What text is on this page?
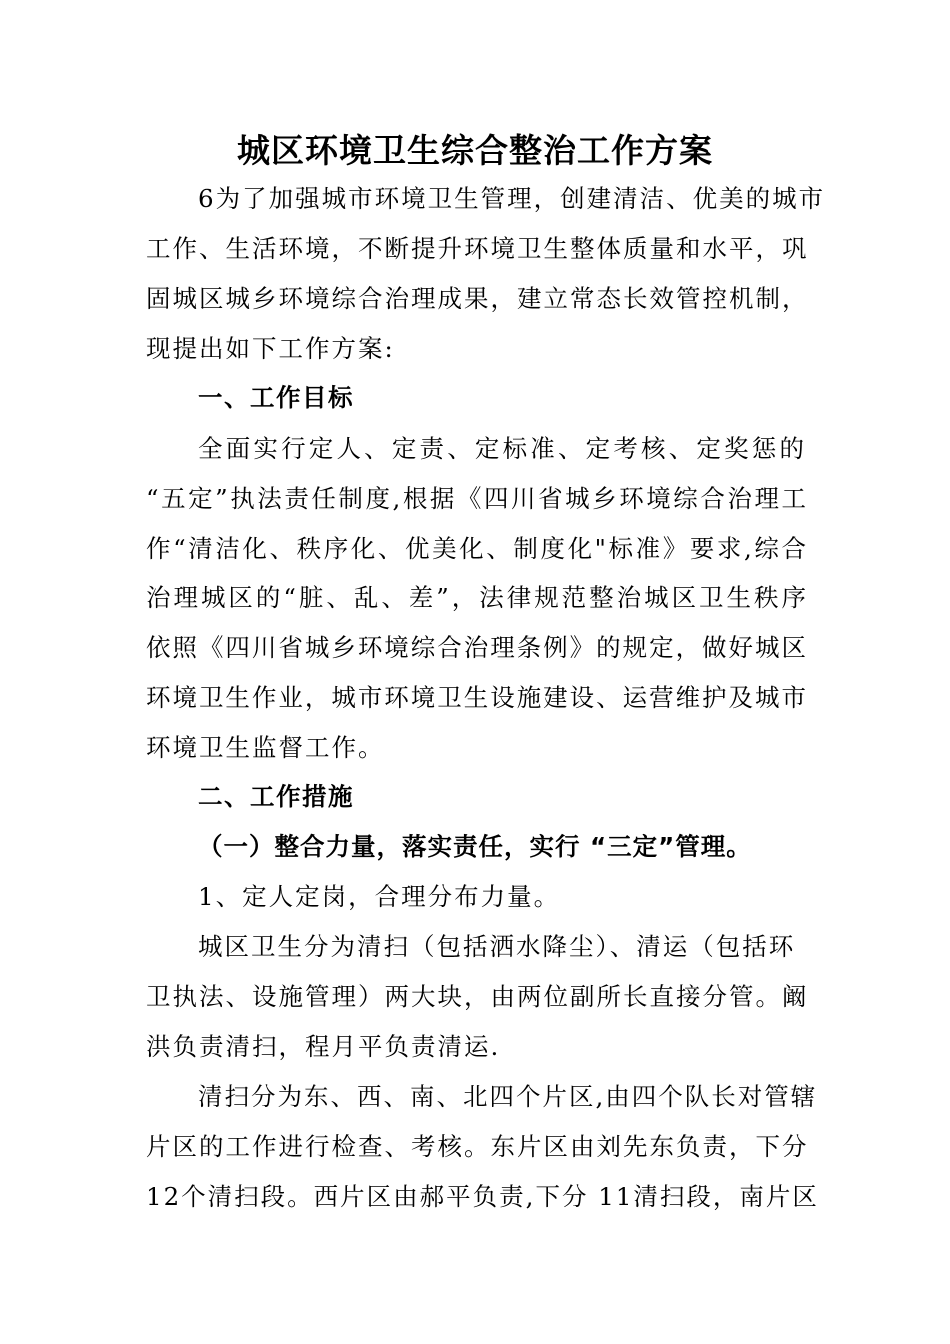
城区环境卫生综合整治工作方案
6为了加强城市环境卫生管理，创建清洁、优美的城市
工作、生活环境，不断提升环境卫生整体质量和水平，巩
固城区城乡环境综合治理成果，建立常态长效管控机制，
现提出如下工作方案:
一、工作目标
全面实行定人、定责、定标准、定考核、定奖惩的
“五定”执法责任制度,根据《四川省城乡环境综合治理工
作“清洁化、秩序化、优美化、制度化"标准》要求,综合
治理城区的“脏、乱、差”，法律规范整治城区卫生秩序
依照《四川省城乡环境综合治理条例》的规定，做好城区
环境卫生作业，城市环境卫生设施建设、运营维护及城市
环境卫生监督工作。
二、工作措施
（一）整合力量，落实责任，实行 “三定”管理。
1、定人定岗，合理分布力量。
城区卫生分为清扫（包括洒水降尘）、清运（包括环
卫执法、设施管理）两大块，由两位副所长直接分管。阚
洪负责清扫，程月平负责清运.
清扫分为东、西、南、北四个片区,由四个队长对管辖
片区的工作进行检查、考核。东片区由刘先东负责，下分
12个清扫段。西片区由郝平负责,下分 11清扫段，南片区
